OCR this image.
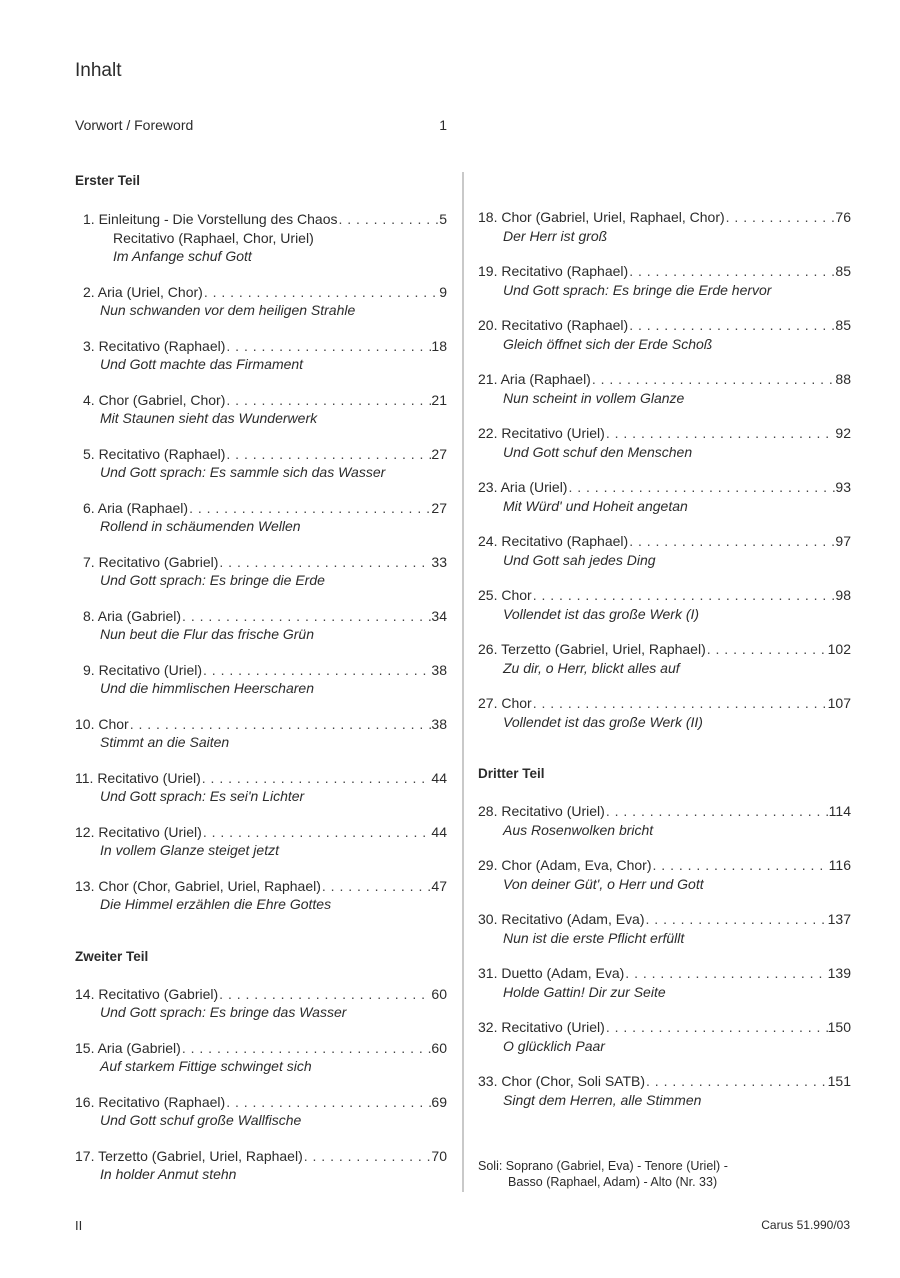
Inhalt
Vorwort / Foreword	1
Erster Teil
1. Einleitung - Die Vorstellung des Chaos . . .	5
Recitativo (Raphael, Chor, Uriel)
Im Anfange schuf Gott
2. Aria (Uriel, Chor) . . .	9
Nun schwanden vor dem heiligen Strahle
3. Recitativo (Raphael) . . .	18
Und Gott machte das Firmament
4. Chor (Gabriel, Chor) . . .	21
Mit Staunen sieht das Wunderwerk
5. Recitativo (Raphael) . . .	27
Und Gott sprach: Es sammle sich das Wasser
6. Aria (Raphael) . . .	27
Rollend in schäumenden Wellen
7. Recitativo (Gabriel) . . .	33
Und Gott sprach: Es bringe die Erde
8. Aria (Gabriel) . . .	34
Nun beut die Flur das frische Grün
9. Recitativo (Uriel) . . .	38
Und die himmlischen Heerscharen
10. Chor . . .	38
Stimmt an die Saiten
11. Recitativo (Uriel) . . .	44
Und Gott sprach: Es sei'n Lichter
12. Recitativo (Uriel) . . .	44
In vollem Glanze steiget jetzt
13. Chor (Chor, Gabriel, Uriel, Raphael) . . .	47
Die Himmel erzählen die Ehre Gottes
Zweiter Teil
14. Recitativo (Gabriel) . . .	60
Und Gott sprach: Es bringe das Wasser
15. Aria (Gabriel) . . .	60
Auf starkem Fittige schwinget sich
16. Recitativo (Raphael) . . .	69
Und Gott schuf große Wallfische
17. Terzetto (Gabriel, Uriel, Raphael) . . .	70
In holder Anmut stehn
18. Chor (Gabriel, Uriel, Raphael, Chor) . . .	76
Der Herr ist groß
19. Recitativo (Raphael) . . .	85
Und Gott sprach: Es bringe die Erde hervor
20. Recitativo (Raphael) . . .	85
Gleich öffnet sich der Erde Schoß
21. Aria (Raphael) . . .	88
Nun scheint in vollem Glanze
22. Recitativo (Uriel) . . .	92
Und Gott schuf den Menschen
23. Aria (Uriel) . . .	93
Mit Würd' und Hoheit angetan
24. Recitativo (Raphael) . . .	97
Und Gott sah jedes Ding
25. Chor . . .	98
Vollendet ist das große Werk (I)
26. Terzetto (Gabriel, Uriel, Raphael) . . .	102
Zu dir, o Herr, blickt alles auf
27. Chor . . .	107
Vollendet ist das große Werk (II)
Dritter Teil
28. Recitativo (Uriel) . . .	114
Aus Rosenwolken bricht
29. Chor (Adam, Eva, Chor) . . .	116
Von deiner Güt', o Herr und Gott
30. Recitativo (Adam, Eva) . . .	137
Nun ist die erste Pflicht erfüllt
31. Duetto (Adam, Eva) . . .	139
Holde Gattin! Dir zur Seite
32. Recitativo (Uriel) . . .	150
O glücklich Paar
33. Chor (Chor, Soli SATB) . . .	151
Singt dem Herren, alle Stimmen
Soli: Soprano (Gabriel, Eva) - Tenore (Uriel) -
Basso (Raphael, Adam) - Alto (Nr. 33)
II	Carus 51.990/03
